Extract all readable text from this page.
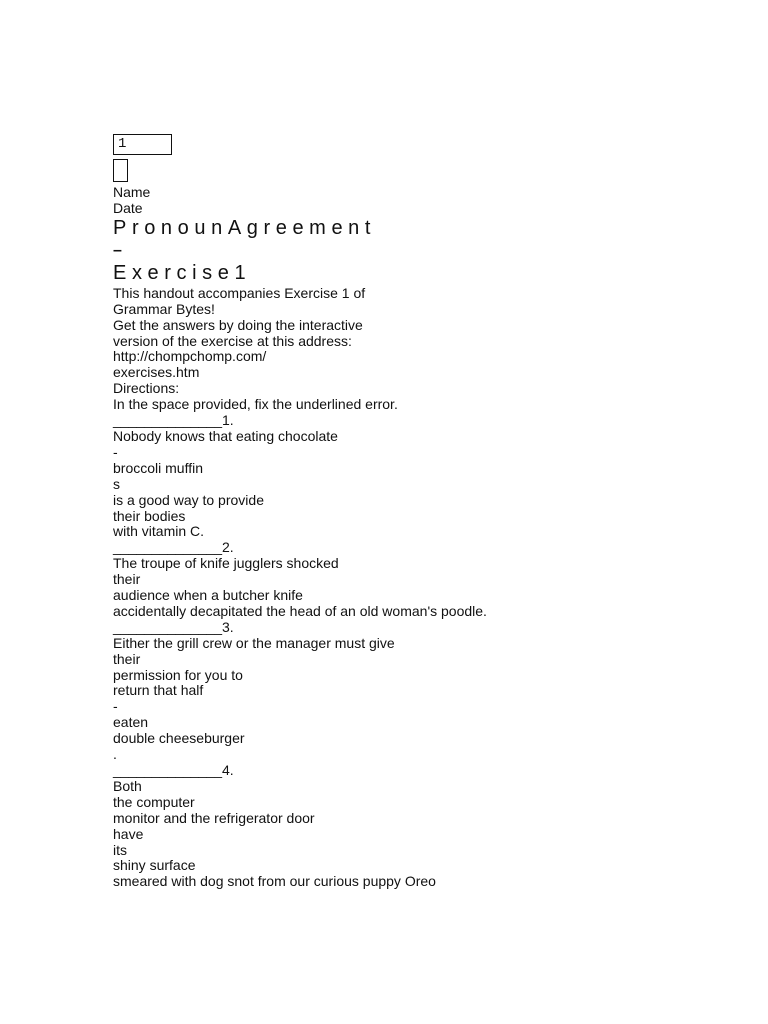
1
Name
Date
PronounAgreement
–
Exercise1
This handout accompanies Exercise 1 of
Grammar Bytes!
Get the answers by doing the interactive
version of the exercise at this address:
http://chompchomp.com/
exercises.htm
Directions:
In the space provided, fix the underlined error.
______________1.
Nobody knows that eating chocolate
-
broccoli muffin
s
is a good way to provide
their bodies
with vitamin C.
______________2.
The troupe of knife jugglers shocked
their
audience when a butcher knife
accidentally decapitated the head of an old woman's poodle.
______________3.
Either the grill crew or the manager must give
their
permission for you to
return that half
-
eaten
double cheeseburger
.
______________4.
Both
the computer
monitor and the refrigerator door
have
its
shiny surface
smeared with dog snot from our curious puppy Oreo
